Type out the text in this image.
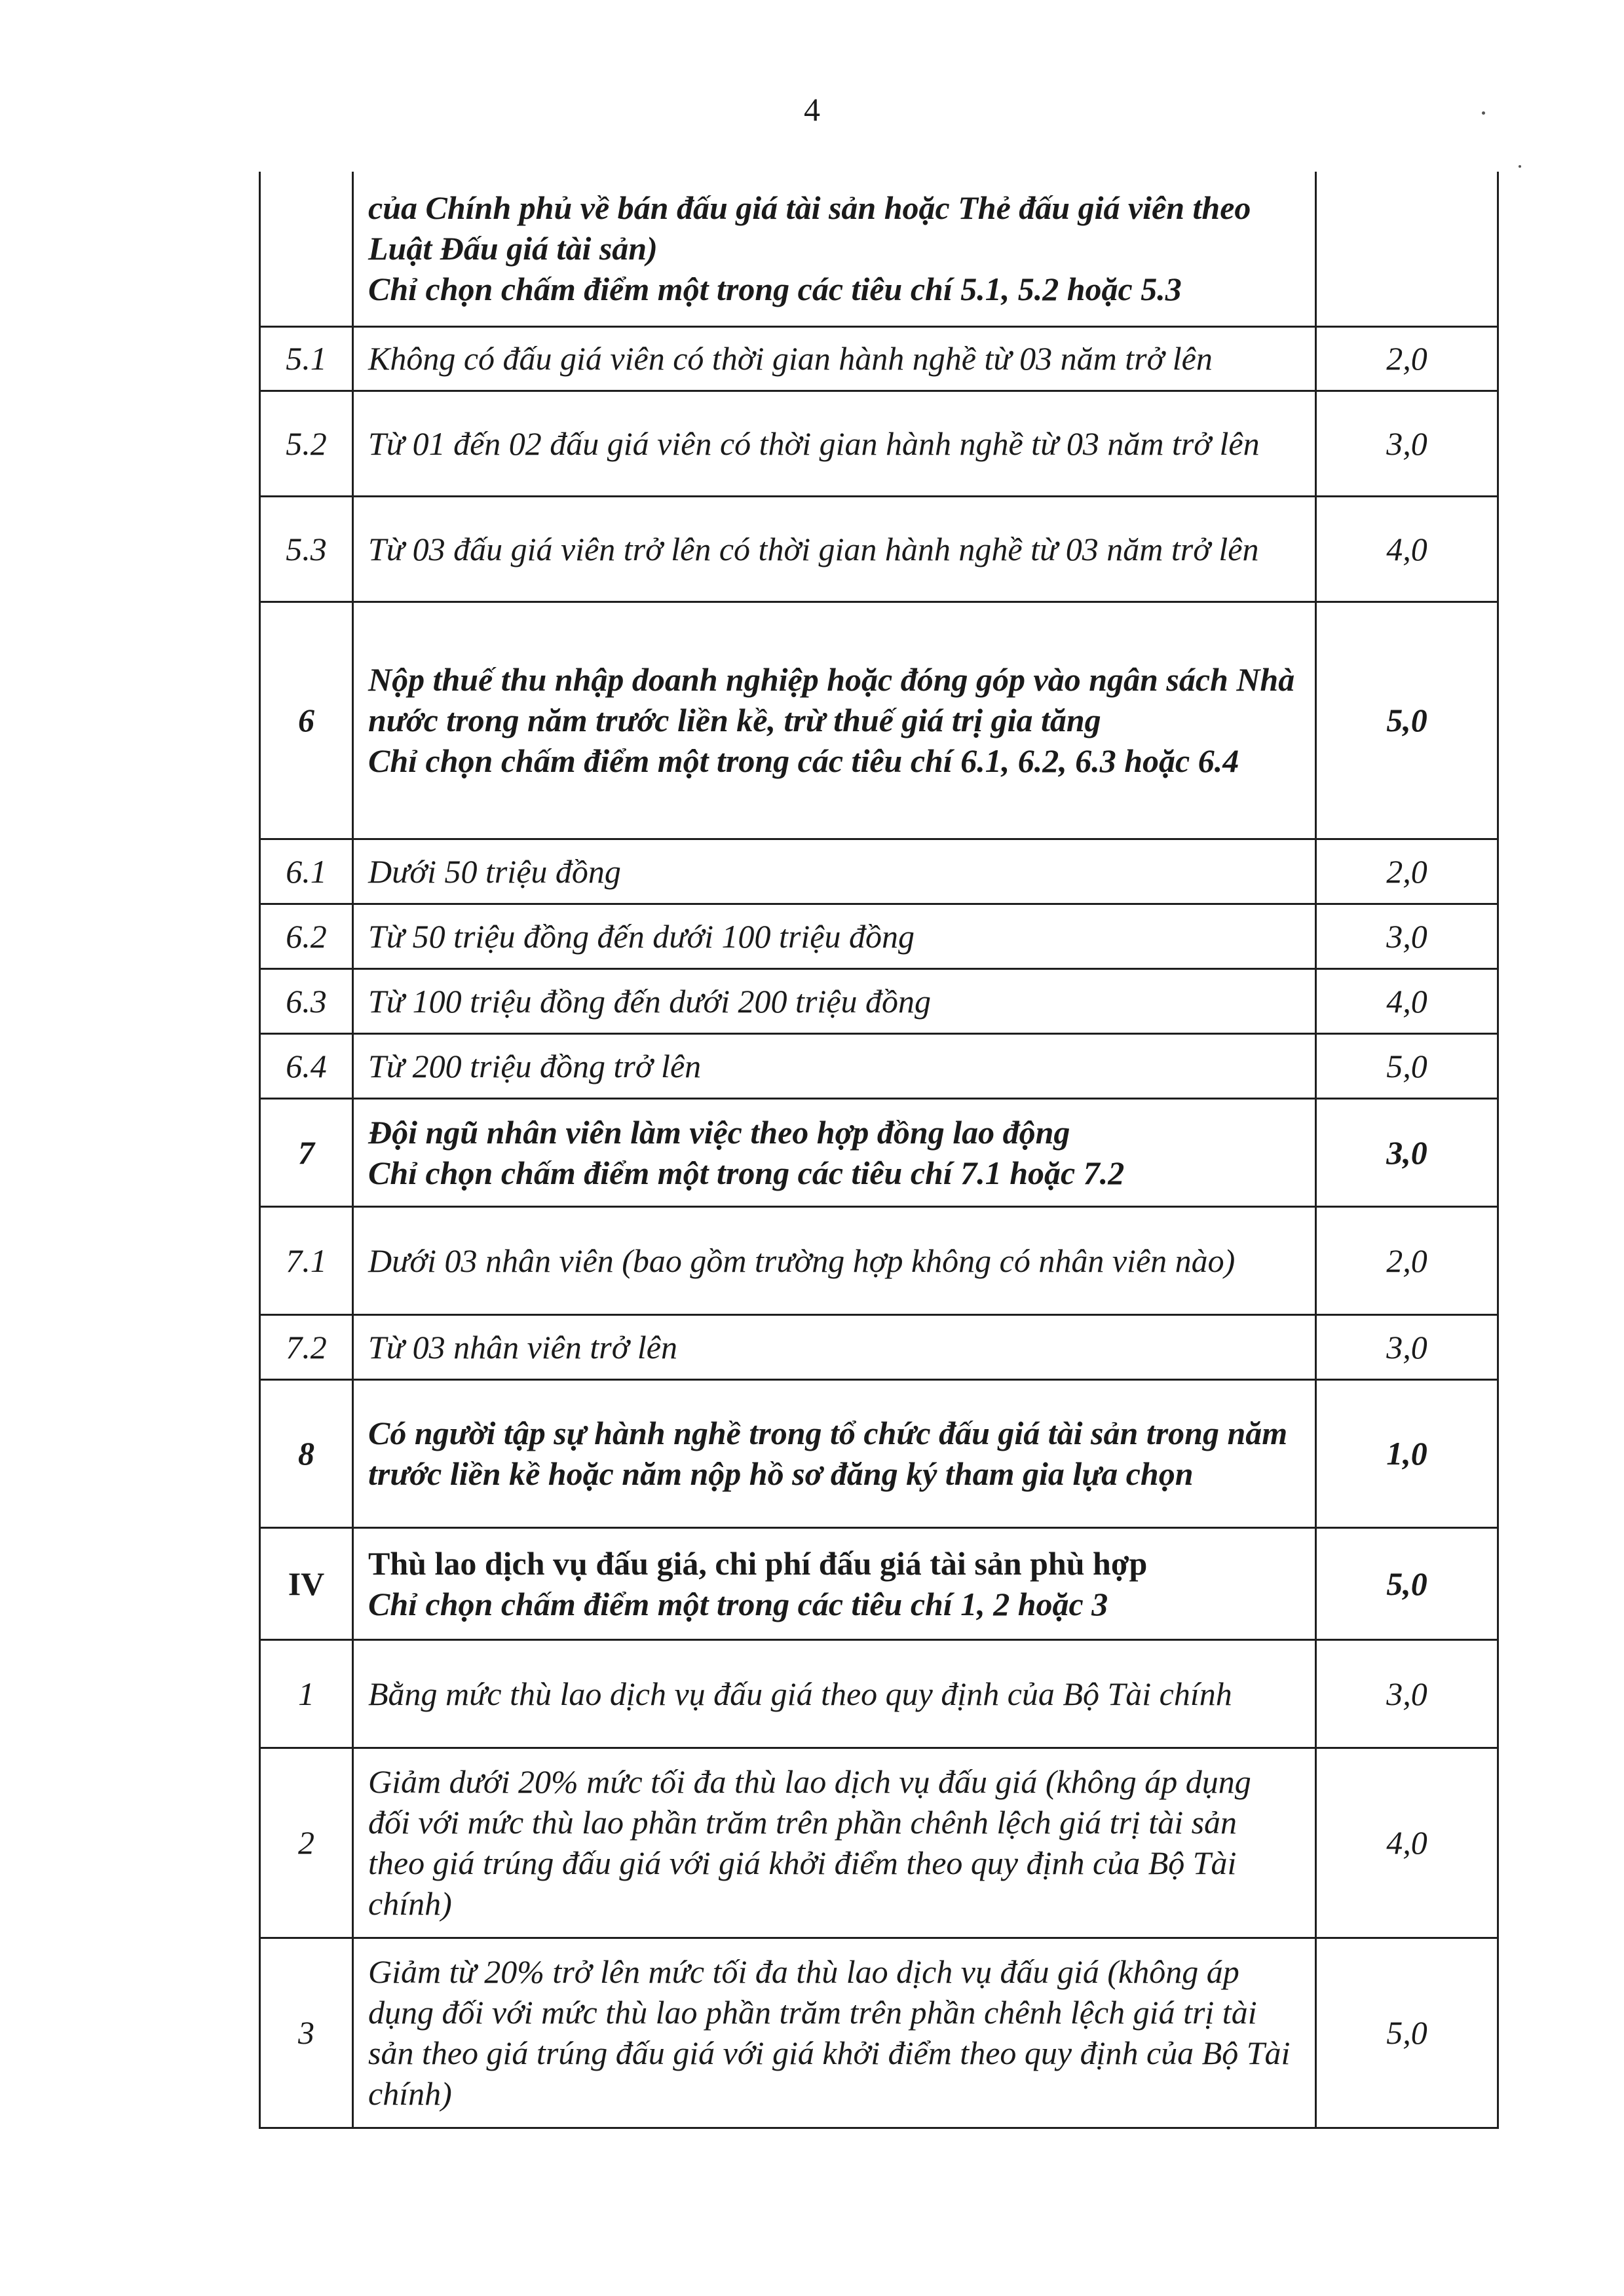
4

	của Chính phủ về bán đấu giá tài sản hoặc Thẻ đấu giá viên theo Luật Đấu giá tài sản)
Chỉ chọn chấm điểm một trong các tiêu chí 5.1, 5.2 hoặc 5.3	

5.1	Không có đấu giá viên có thời gian hành nghề từ 03 năm trở lên	2,0
5.2	Từ 01 đến 02 đấu giá viên có thời gian hành nghề từ 03 năm trở lên	3,0
5.3	Từ 03 đấu giá viên trở lên có thời gian hành nghề từ 03 năm trở lên	4,0
6	Nộp thuế thu nhập doanh nghiệp hoặc đóng góp vào ngân sách Nhà nước trong năm trước liền kề, trừ thuế giá trị gia tăng
Chỉ chọn chấm điểm một trong các tiêu chí 6.1, 6.2, 6.3 hoặc 6.4	5,0
6.1	Dưới 50 triệu đồng	2,0
6.2	Từ 50 triệu đồng đến dưới 100 triệu đồng	3,0
6.3	Từ 100 triệu đồng đến dưới 200 triệu đồng	4,0
6.4	Từ 200 triệu đồng trở lên	5,0
7	Đội ngũ nhân viên làm việc theo hợp đồng lao động
Chỉ chọn chấm điểm một trong các tiêu chí 7.1 hoặc 7.2	3,0
7.1	Dưới 03 nhân viên (bao gồm trường hợp không có nhân viên nào)	2,0
7.2	Từ 03 nhân viên trở lên	3,0
8	Có người tập sự hành nghề trong tổ chức đấu giá tài sản trong năm trước liền kề hoặc năm nộp hồ sơ đăng ký tham gia lựa chọn	1,0
IV	Thù lao dịch vụ đấu giá, chi phí đấu giá tài sản phù hợp
Chỉ chọn chấm điểm một trong các tiêu chí 1, 2 hoặc 3	5,0
1	Bằng mức thù lao dịch vụ đấu giá theo quy định của Bộ Tài chính	3,0
2	Giảm dưới 20% mức tối đa thù lao dịch vụ đấu giá (không áp dụng đối với mức thù lao phần trăm trên phần chênh lệch giá trị tài sản theo giá trúng đấu giá với giá khởi điểm theo quy định của Bộ Tài chính)	4,0
3	Giảm từ 20% trở lên mức tối đa thù lao dịch vụ đấu giá (không áp dụng đối với mức thù lao phần trăm trên phần chênh lệch giá trị tài sản theo giá trúng đấu giá với giá khởi điểm theo quy định của Bộ Tài chính)	5,0
